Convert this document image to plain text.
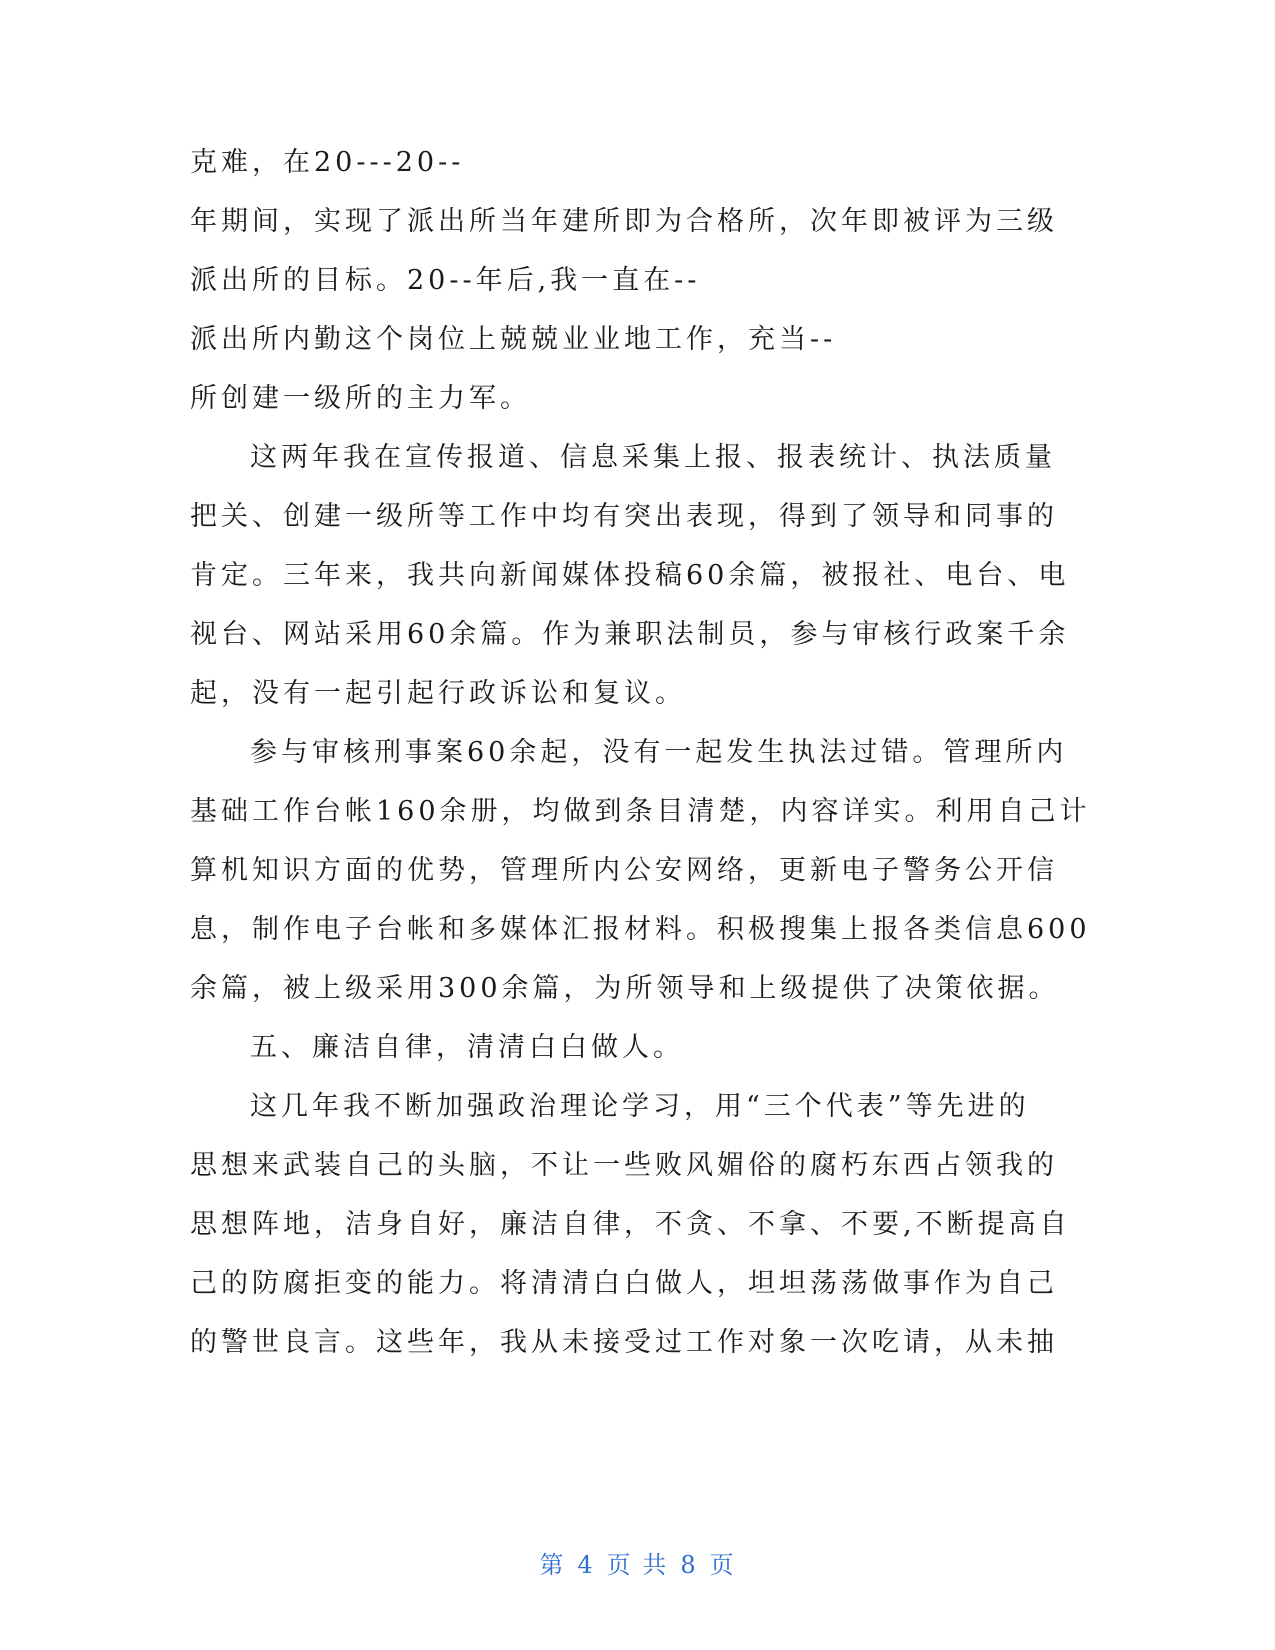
克难，在20---20--
年期间，实现了派出所当年建所即为合格所，次年即被评为三级
派出所的目标。20--年后,我一直在--
派出所内勤这个岗位上兢兢业业地工作，充当--
所创建一级所的主力军。
这两年我在宣传报道、信息采集上报、报表统计、执法质量
把关、创建一级所等工作中均有突出表现，得到了领导和同事的
肯定。三年来，我共向新闻媒体投稿60余篇，被报社、电台、电
视台、网站采用60余篇。作为兼职法制员，参与审核行政案千余
起，没有一起引起行政诉讼和复议。
参与审核刑事案60余起，没有一起发生执法过错。管理所内
基础工作台帐160余册，均做到条目清楚，内容详实。利用自己计
算机知识方面的优势，管理所内公安网络，更新电子警务公开信
息，制作电子台帐和多媒体汇报材料。积极搜集上报各类信息600
余篇，被上级采用300余篇，为所领导和上级提供了决策依据。
五、廉洁自律，清清白白做人。
这几年我不断加强政治理论学习，用“三个代表”等先进的
思想来武装自己的头脑，不让一些败风媚俗的腐朽东西占领我的
思想阵地，洁身自好，廉洁自律，不贪、不拿、不要,不断提高自
己的防腐拒变的能力。将清清白白做人，坦坦荡荡做事作为自己
的警世良言。这些年，我从未接受过工作对象一次吃请，从未抽
第 4 页 共 8 页
